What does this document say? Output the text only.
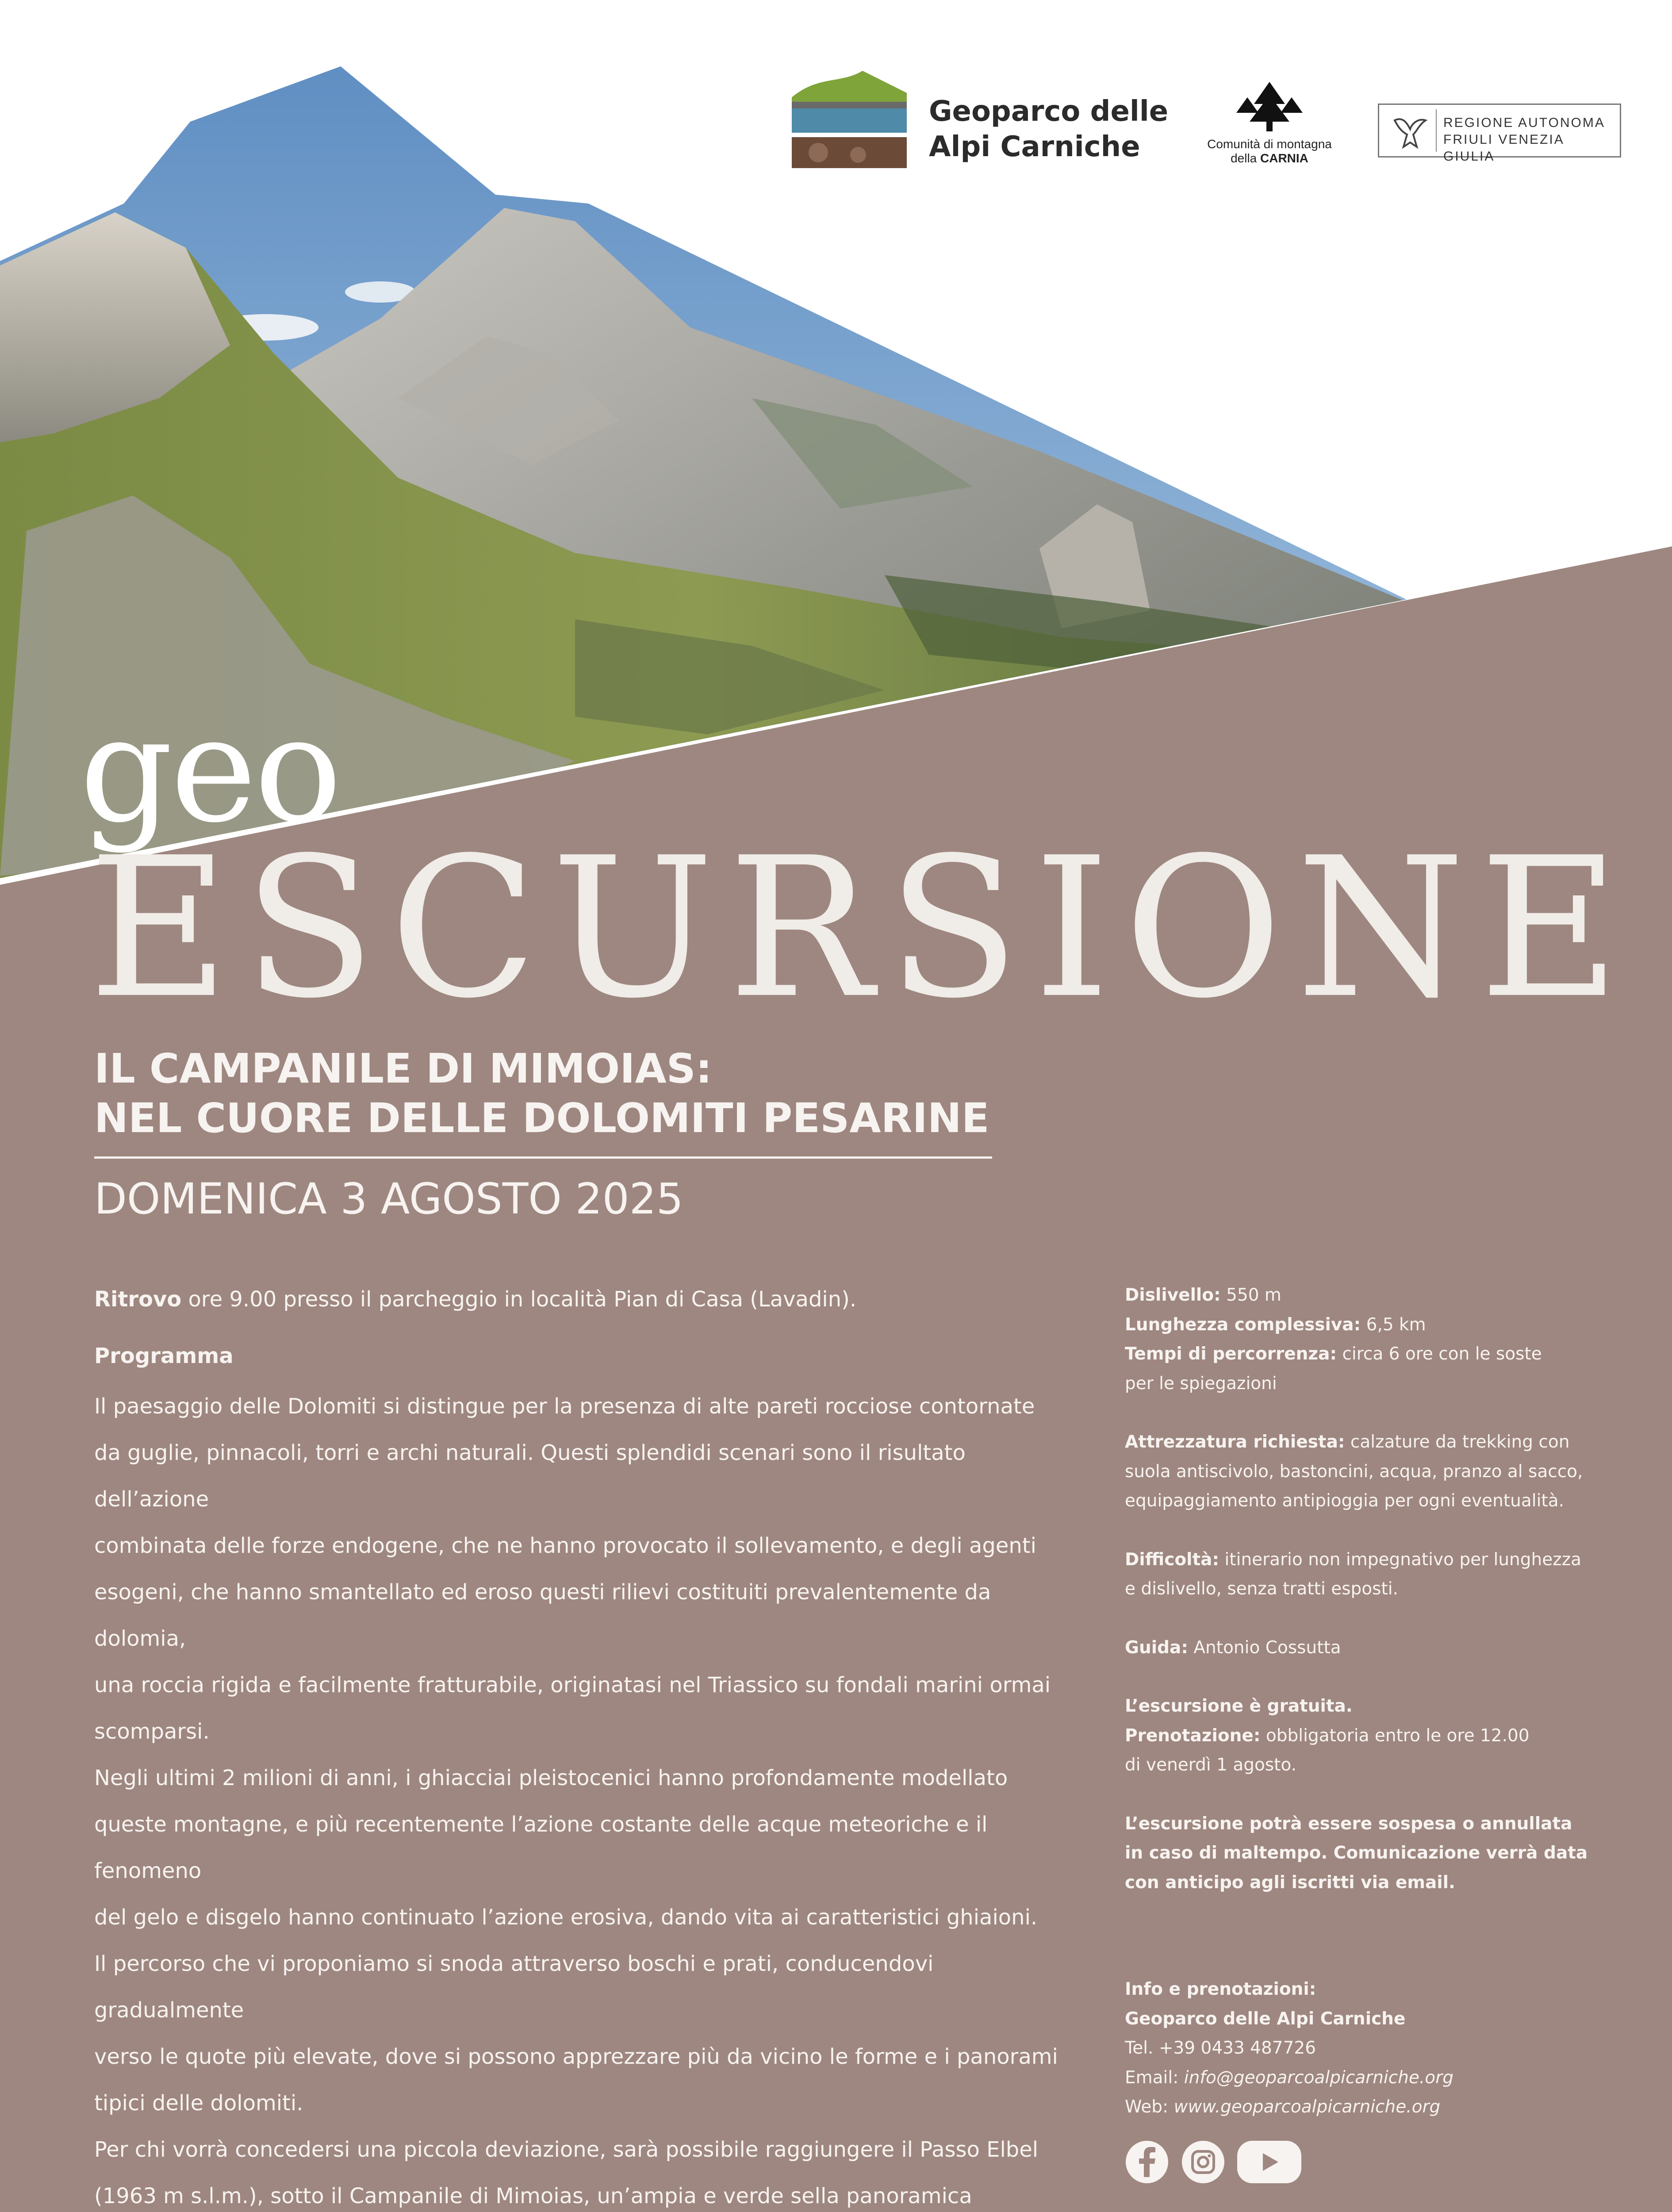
Geoparco delle
Alpi Carniche	Comunità di montagna
della CARNIA
REGIONE AUTONOMA
FRIULI VENEZIA GIULIA
geo
ESCURSIONE
IL CAMPANILE DI MIMOIAS:
NEL CUORE DELLE DOLOMITI PESARINE
DOMENICA 3 AGOSTO 2025

Ritrovo ore 9.00 presso il parcheggio in località Pian di Casa (Lavadin).

Programma

Il paesaggio delle Dolomiti si distingue per la presenza di alte pareti rocciose contornate
da guglie, pinnacoli, torri e archi naturali. Questi splendidi scenari sono il risultato dell’azione
combinata delle forze endogene, che ne hanno provocato il sollevamento, e degli agenti
esogeni, che hanno smantellato ed eroso questi rilievi costituiti prevalentemente da dolomia,
una roccia rigida e facilmente fratturabile, originatasi nel Triassico su fondali marini ormai
scomparsi.
Negli ultimi 2 milioni di anni, i ghiacciai pleistocenici hanno profondamente modellato
queste montagne, e più recentemente l’azione costante delle acque meteoriche e il fenomeno
del gelo e disgelo hanno continuato l’azione erosiva, dando vita ai caratteristici ghiaioni.
Il percorso che vi proponiamo si snoda attraverso boschi e prati, conducendovi gradualmente
verso le quote più elevate, dove si possono apprezzare più da vicino le forme e i panorami
tipici delle dolomiti.
Per chi vorrà concedersi una piccola deviazione, sarà possibile raggiungere il Passo Elbel
(1963 m s.l.m.), sotto il Campanile di Mimoias, un’ampia e verde sella panoramica

Dislivello: 550 m
Lunghezza complessiva: 6,5 km
Tempi di percorrenza: circa 6 ore con le soste
per le spiegazioni

Attrezzatura richiesta: calzature da trekking con
suola antiscivolo, bastoncini, acqua, pranzo al sacco,
equipaggiamento antipioggia per ogni eventualità.

Difficoltà: itinerario non impegnativo per lunghezza
e dislivello, senza tratti esposti.

Guida: Antonio Cossutta

L’escursione è gratuita.
Prenotazione: obbligatoria entro le ore 12.00
di venerdì 1 agosto.

L’escursione potrà essere sospesa o annullata
in caso di maltempo. Comunicazione verrà data
con anticipo agli iscritti via email.

Info e prenotazioni:
Geoparco delle Alpi Carniche
Tel. +39 0433 487726
Email: info@geoparcoalpicarniche.org
Web: www.geoparcoalpicarniche.org
